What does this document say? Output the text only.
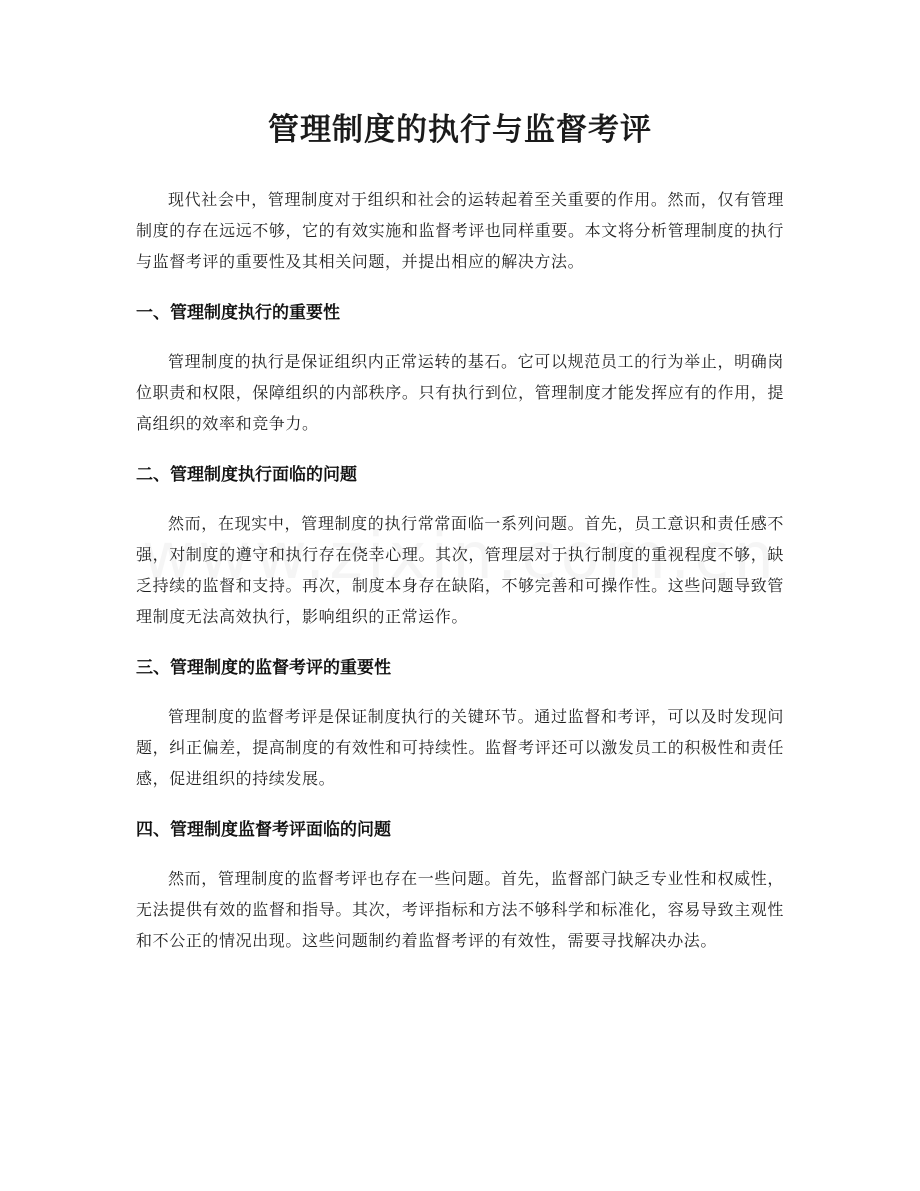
管理制度的执行与监督考评

现代社会中，管理制度对于组织和社会的运转起着至关重要的作用。然而，仅有管理制度的存在远远不够，它的有效实施和监督考评也同样重要。本文将分析管理制度的执行与监督考评的重要性及其相关问题，并提出相应的解决方法。

一、管理制度执行的重要性

管理制度的执行是保证组织内正常运转的基石。它可以规范员工的行为举止，明确岗位职责和权限，保障组织的内部秩序。只有执行到位，管理制度才能发挥应有的作用，提高组织的效率和竞争力。

二、管理制度执行面临的问题

然而，在现实中，管理制度的执行常常面临一系列问题。首先，员工意识和责任感不强，对制度的遵守和执行存在侥幸心理。其次，管理层对于执行制度的重视程度不够，缺乏持续的监督和支持。再次，制度本身存在缺陷，不够完善和可操作性。这些问题导致管理制度无法高效执行，影响组织的正常运作。

三、管理制度的监督考评的重要性

管理制度的监督考评是保证制度执行的关键环节。通过监督和考评，可以及时发现问题，纠正偏差，提高制度的有效性和可持续性。监督考评还可以激发员工的积极性和责任感，促进组织的持续发展。

四、管理制度监督考评面临的问题

然而，管理制度的监督考评也存在一些问题。首先，监督部门缺乏专业性和权威性，无法提供有效的监督和指导。其次，考评指标和方法不够科学和标准化，容易导致主观性和不公正的情况出现。这些问题制约着监督考评的有效性，需要寻找解决办法。
